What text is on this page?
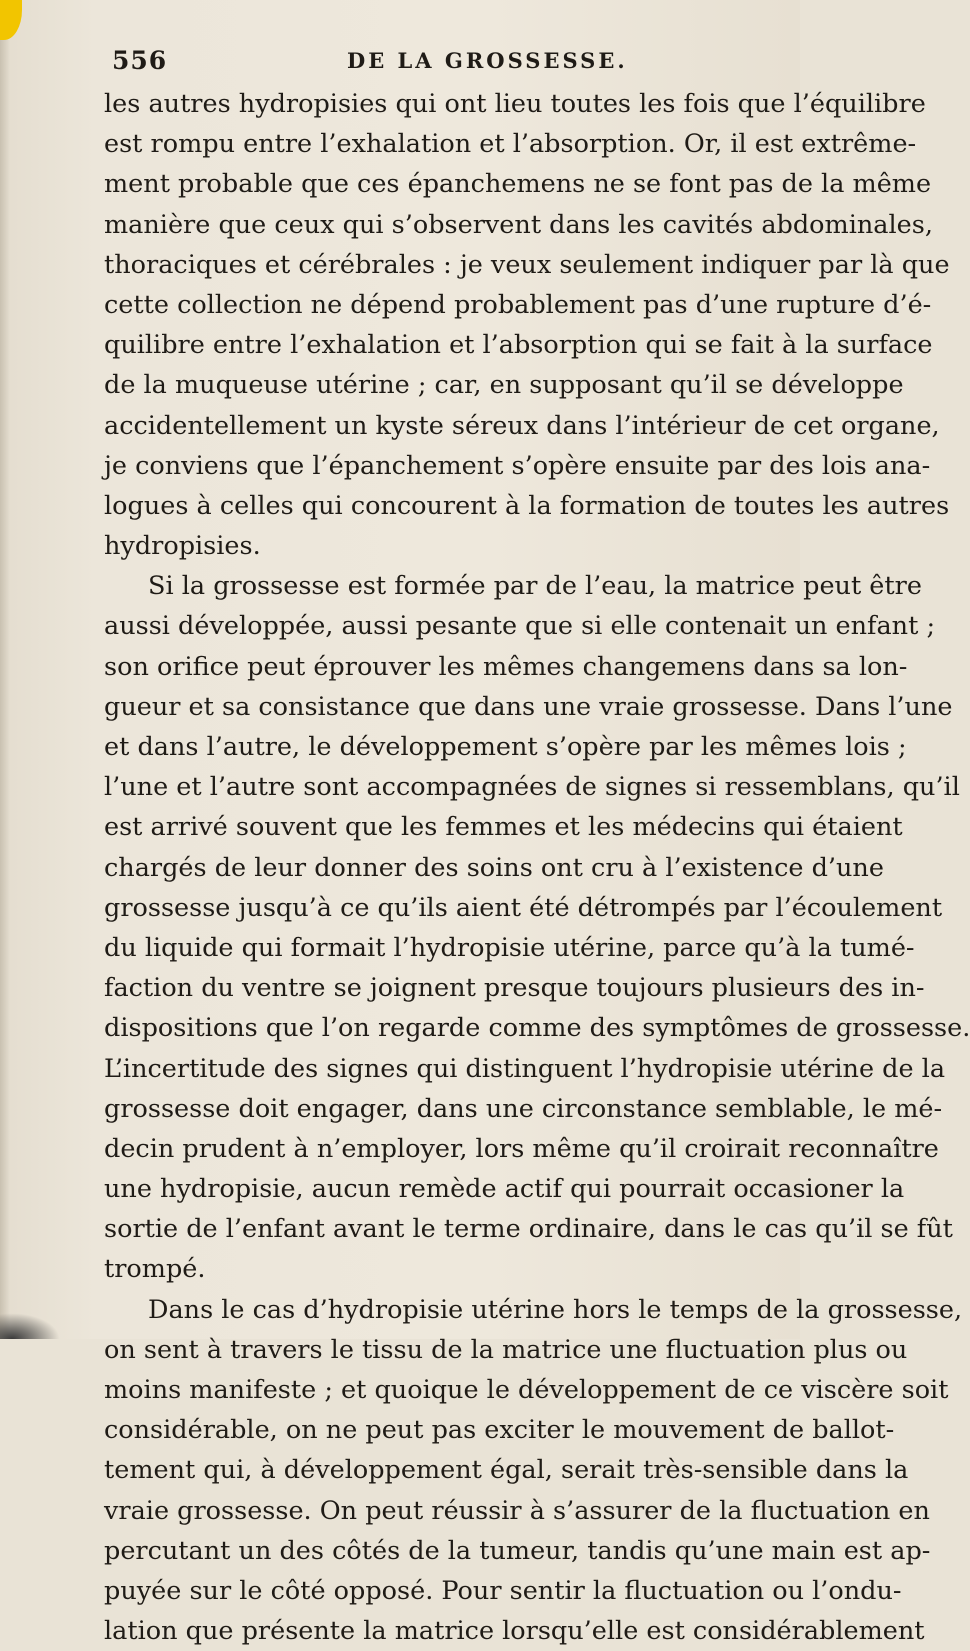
556	DE LA GROSSESSE.
les autres hydropisies qui ont lieu toutes les fois que l’équilibre
est rompu entre l’exhalation et l’absorption. Or, il est extrême-
ment probable que ces épanchemens ne se font pas de la même
manière que ceux qui s’observent dans les cavités abdominales,
thoraciques et cérébrales : je veux seulement indiquer par là que
cette collection ne dépend probablement pas d’une rupture d’é-
quilibre entre l’exhalation et l’absorption qui se fait à la surface
de la muqueuse utérine ; car, en supposant qu’il se développe
accidentellement un kyste séreux dans l’intérieur de cet organe,
je conviens que l’épanchement s’opère ensuite par des lois ana-
logues à celles qui concourent à la formation de toutes les autres
hydropisies.
Si la grossesse est formée par de l’eau, la matrice peut être
aussi développée, aussi pesante que si elle contenait un enfant ;
son orifice peut éprouver les mêmes changemens dans sa lon-
gueur et sa consistance que dans une vraie grossesse. Dans l’une
et dans l’autre, le développement s’opère par les mêmes lois ;
l’une et l’autre sont accompagnées de signes si ressemblans, qu’il
est arrivé souvent que les femmes et les médecins qui étaient
chargés de leur donner des soins ont cru à l’existence d’une
grossesse jusqu’à ce qu’ils aient été détrompés par l’écoulement
du liquide qui formait l’hydropisie utérine, parce qu’à la tumé-
faction du ventre se joignent presque toujours plusieurs des in-
dispositions que l’on regarde comme des symptômes de grossesse.
L’incertitude des signes qui distinguent l’hydropisie utérine de la
grossesse doit engager, dans une circonstance semblable, le mé-
decin prudent à n’employer, lors même qu’il croirait reconnaître
une hydropisie, aucun remède actif qui pourrait occasioner la
sortie de l’enfant avant le terme ordinaire, dans le cas qu’il se fût
trompé.
Dans le cas d’hydropisie utérine hors le temps de la grossesse,
on sent à travers le tissu de la matrice une fluctuation plus ou
moins manifeste ; et quoique le développement de ce viscère soit
considérable, on ne peut pas exciter le mouvement de ballot-
tement qui, à développement égal, serait très-sensible dans la
vraie grossesse. On peut réussir à s’assurer de la fluctuation en
percutant un des côtés de la tumeur, tandis qu’une main est ap-
puyée sur le côté opposé. Pour sentir la fluctuation ou l’ondu-
lation que présente la matrice lorsqu’elle est considérablement
